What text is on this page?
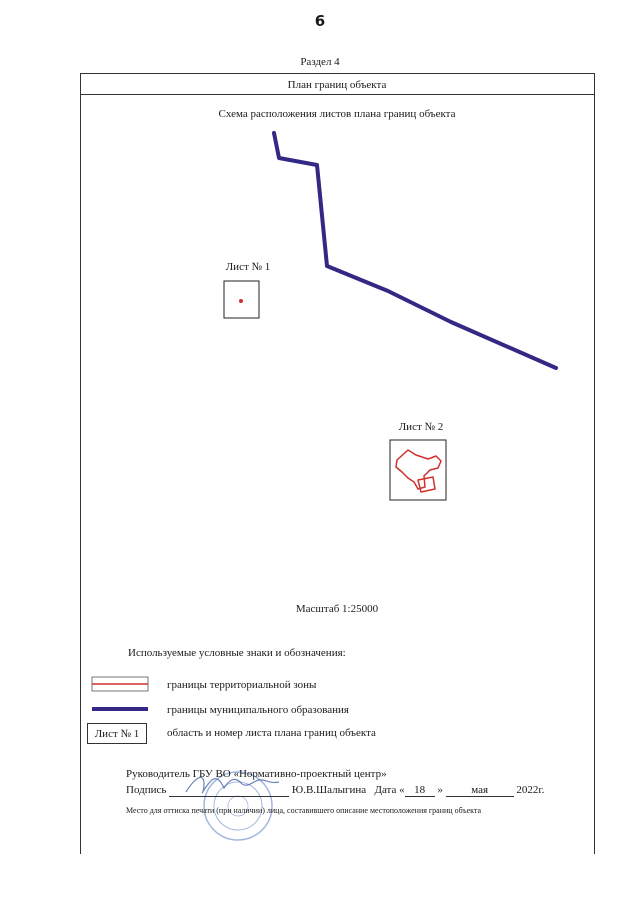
6
Раздел 4
План границ объекта
Схема расположения листов плана границ объекта
Лист № 1
Лист № 2
Масштаб 1:25000
Используемые условные знаки и обозначения:
границы территориальной зоны
границы муниципального образования
Лист № 1	область и номер листа плана границ объекта
Руководитель ГБУ ВО «Нормативно-проектный центр»
Подпись	Ю.В.Шалыгина Дата « 18 »	мая	2022г.
Место для оттиска печати (при наличии) лица, составившего описание местоположения границ объекта
